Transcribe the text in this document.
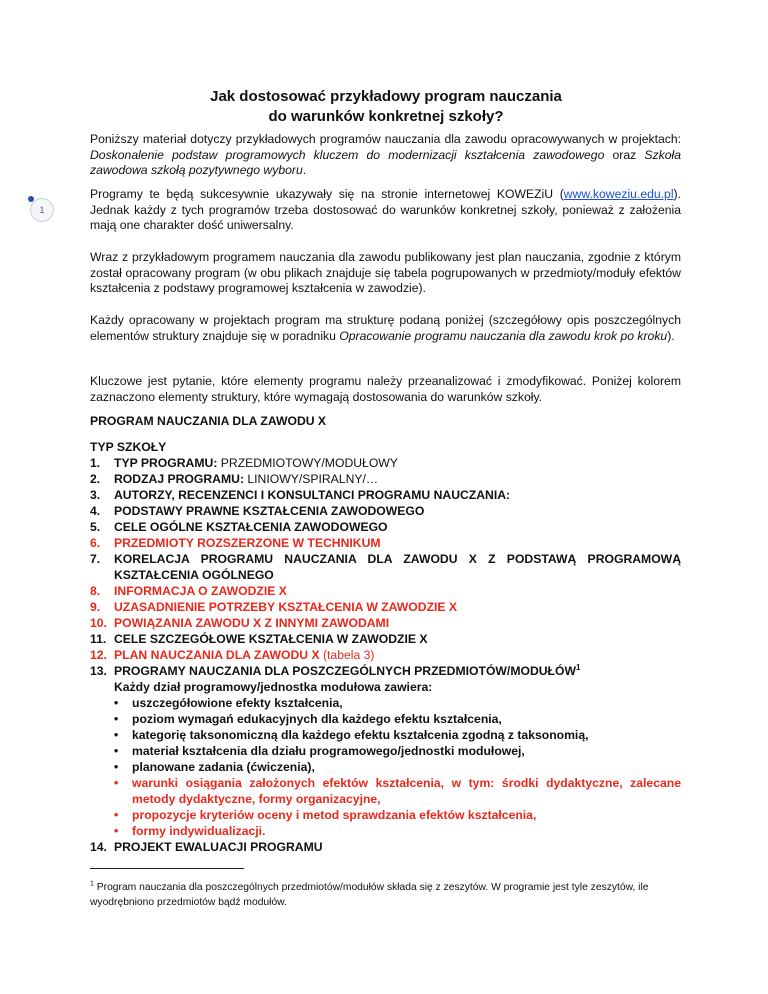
Jak dostosować przykładowy program nauczania
do warunków konkretnej szkoły?
1

Poniższy materiał dotyczy przykładowych programów nauczania dla zawodu opracowywanych w projektach: Doskonalenie podstaw programowych kluczem do modernizacji kształcenia zawodowego oraz Szkoła zawodowa szkołą pozytywnego wyboru.

Programy te będą sukcesywnie ukazywały się na stronie internetowej KOWEZiU (www.koweziu.edu.pl). Jednak każdy z tych programów trzeba dostosować do warunków konkretnej szkoły, ponieważ z założenia mają one charakter dość uniwersalny.

Wraz z przykładowym programem nauczania dla zawodu publikowany jest plan nauczania, zgodnie z którym został opracowany program (w obu plikach znajduje się tabela pogrupowanych w przedmioty/moduły efektów kształcenia z podstawy programowej kształcenia w zawodzie).

Każdy opracowany w projektach program ma strukturę podaną poniżej (szczegółowy opis poszczególnych elementów struktury znajduje się w poradniku Opracowanie programu nauczania dla zawodu krok po kroku).

Kluczowe jest pytanie, które elementy programu należy przeanalizować i zmodyfikować. Poniżej kolorem zaznaczono elementy struktury, które wymagają dostosowania do warunków szkoły.

PROGRAM NAUCZANIA DLA ZAWODU X
TYP SZKOŁY
1. TYP PROGRAMU: PRZEDMIOTOWY/MODUŁOWY
2. RODZAJ PROGRAMU: LINIOWY/SPIRALNY/…
3. AUTORZY, RECENZENCI I KONSULTANCI PROGRAMU NAUCZANIA:
4. PODSTAWY PRAWNE KSZTAŁCENIA ZAWODOWEGO
5. CELE OGÓLNE KSZTAŁCENIA ZAWODOWEGO
6. PRZEDMIOTY ROZSZERZONE W TECHNIKUM
7. KORELACJA PROGRAMU NAUCZANIA DLA ZAWODU X Z PODSTAWĄ PROGRAMOWĄ KSZTAŁCENIA OGÓLNEGO
8. INFORMACJA O ZAWODZIE X
9. UZASADNIENIE POTRZEBY KSZTAŁCENIA W ZAWODZIE X
10. POWIĄZANIA ZAWODU X Z INNYMI ZAWODAMI
11. CELE SZCZEGÓŁOWE KSZTAŁCENIA W ZAWODZIE X
12. PLAN NAUCZANIA DLA ZAWODU X (tabela 3)
13. PROGRAMY NAUCZANIA DLA POSZCZEGÓLNYCH PRZEDMIOTÓW/MODUŁÓW$^1$
Każdy dział programowy/jednostka modułowa zawiera:
• uszczegółowione efekty kształcenia,
• poziom wymagań edukacyjnych dla każdego efektu kształcenia,
• kategorię taksonomiczną dla każdego efektu kształcenia zgodną z taksonomią,
• materiał kształcenia dla działu programowego/jednostki modułowej,
• planowane zadania (ćwiczenia),
• warunki osiągania założonych efektów kształcenia, w tym: środki dydaktyczne, zalecane metody dydaktyczne, formy organizacyjne,
• propozycje kryteriów oceny i metod sprawdzania efektów kształcenia,
• formy indywidualizacji.
14. PROJEKT EWALUACJI PROGRAMU
$^1$ Program nauczania dla poszczególnych przedmiotów/modułów składa się z zeszytów. W programie jest tyle zeszytów, ile wyodrębniono przedmiotów bądź modułów.
